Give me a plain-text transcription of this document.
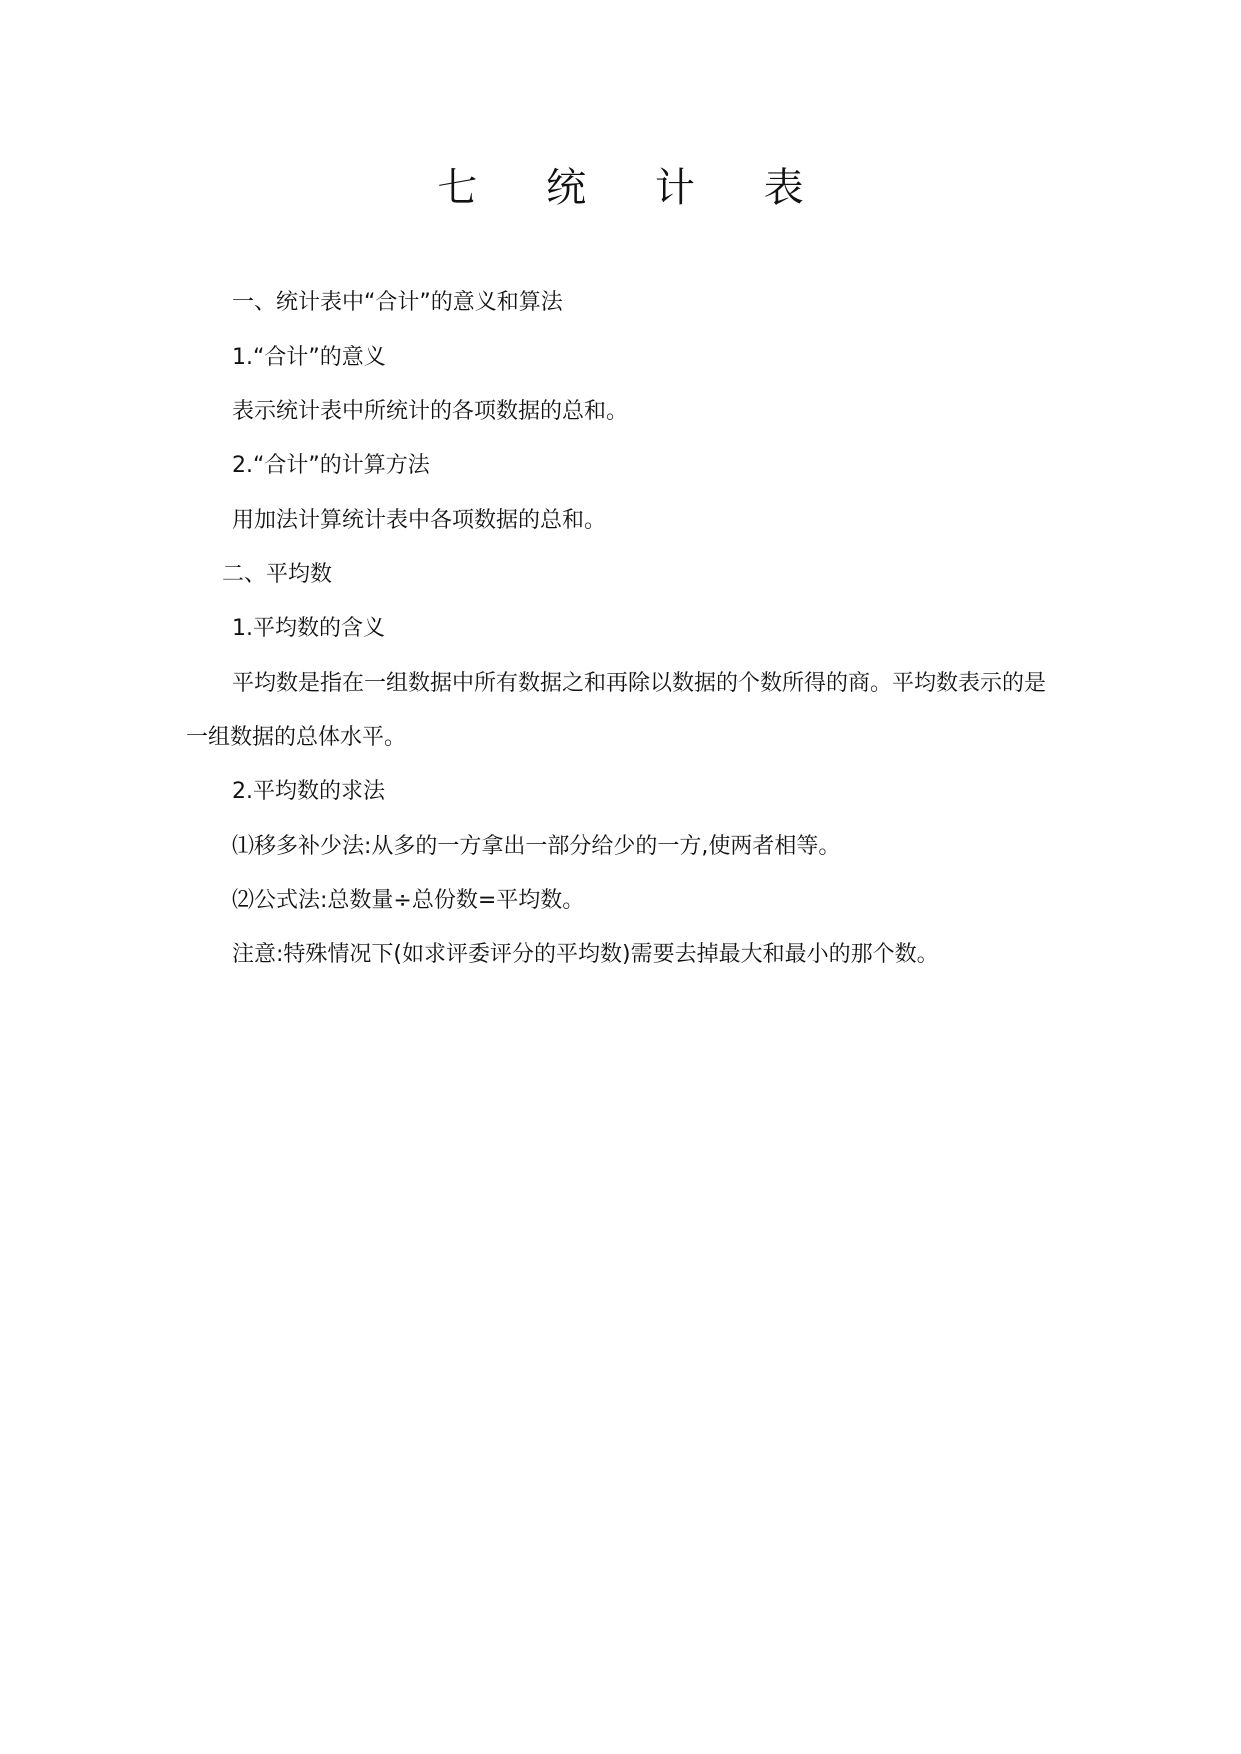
七 统 计 表
一、统计表中“合计”的意义和算法
1.“合计”的意义
表示统计表中所统计的各项数据的总和。
2.“合计”的计算方法
用加法计算统计表中各项数据的总和。
二、平均数
1.平均数的含义
平均数是指在一组数据中所有数据之和再除以数据的个数所得的商。平均数表示的是
一组数据的总体水平。
2.平均数的求法
⑴移多补少法:从多的一方拿出一部分给少的一方,使两者相等。
⑵公式法:总数量÷总份数=平均数。
注意:特殊情况下(如求评委评分的平均数)需要去掉最大和最小的那个数。
